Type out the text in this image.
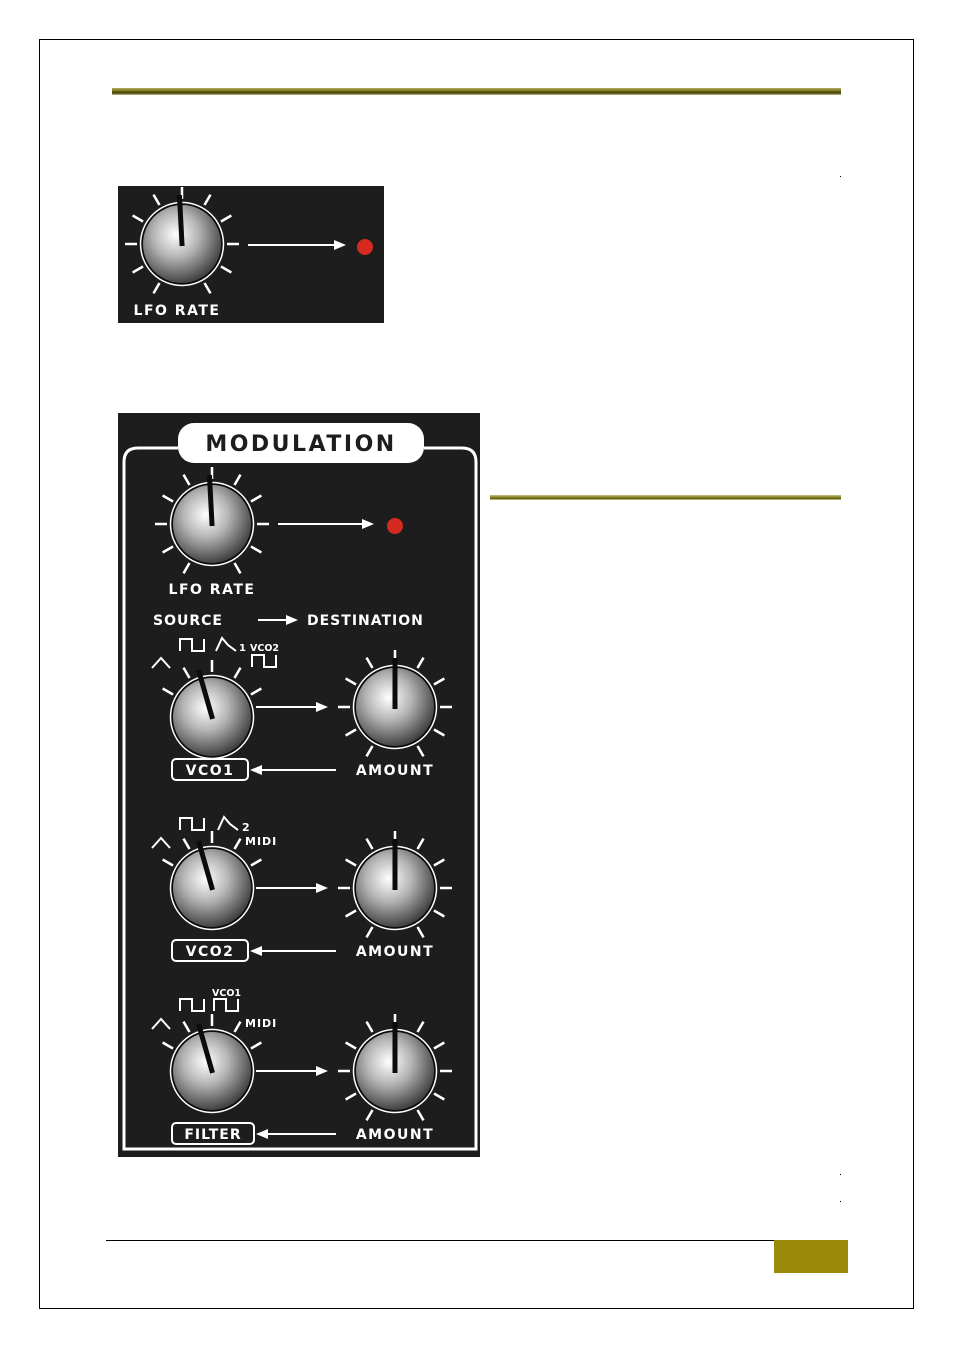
LFO RATE
MODULATION
LFO RATE
SOURCE	DESTINATION
1 VCO2
VCO1	AMOUNT
2
MIDI
VCO2	AMOUNT
VCO1
MIDI
FILTER	AMOUNT
